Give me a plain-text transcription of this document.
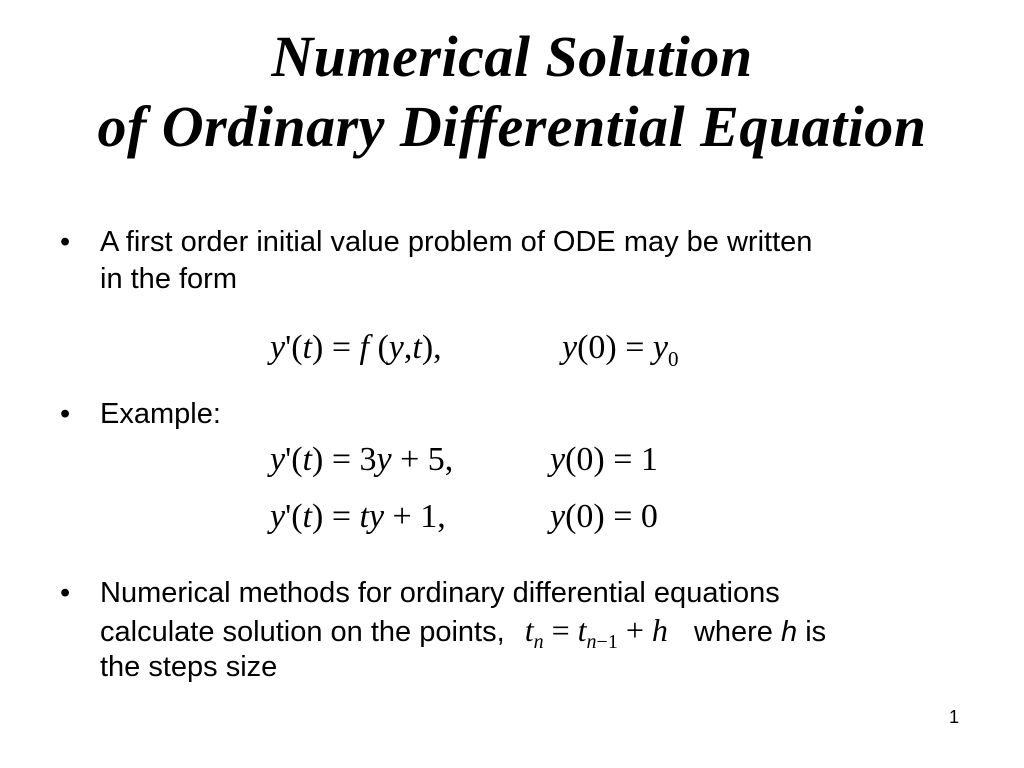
Numerical Solution
of Ordinary Differential Equation
•	A first order initial value problem of ODE may be written
in the form
y'(t) = f (y,t),	$y(0) = y_0$
•	Example:
y'(t) = 3y + 5,	y(0) = 1
y'(t) = ty + 1,	y(0) = 0
•	Numerical methods for ordinary differential equations
calculate solution on the points, $t_n = t_{n-1} + h$ where h is
the steps size
1
